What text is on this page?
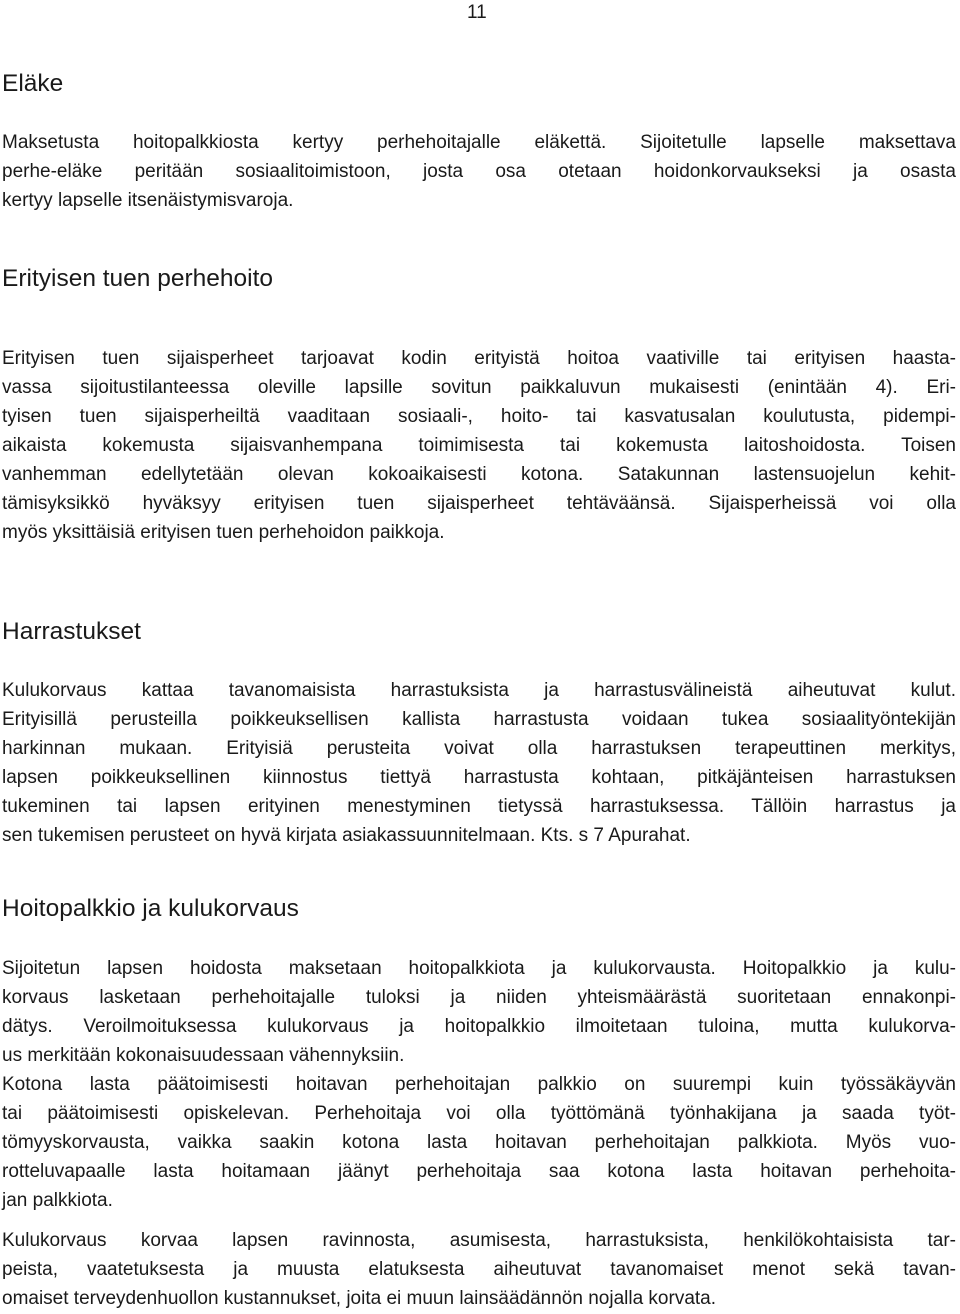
11
Eläke

Maksetusta hoitopalkkiosta kertyy perhehoitajalle eläkettä. Sijoitetulle lapselle maksettava
perhe-eläke peritään sosiaalitoimistoon, josta osa otetaan hoidonkorvaukseksi ja osasta
kertyy lapselle itsenäistymisvaroja.

Erityisen tuen perhehoito

Erityisen tuen sijaisperheet tarjoavat kodin erityistä hoitoa vaativille tai erityisen haasta-
vassa sijoitustilanteessa oleville lapsille sovitun paikkaluvun mukaisesti (enintään 4). Eri-
tyisen tuen sijaisperheiltä vaaditaan sosiaali-, hoito- tai kasvatusalan koulutusta, pidempi-
aikaista kokemusta sijaisvanhempana toimimisesta tai kokemusta laitoshoidosta. Toisen
vanhemman edellytetään olevan kokoaikaisesti kotona. Satakunnan lastensuojelun kehit-
tämisyksikkö hyväksyy erityisen tuen sijaisperheet tehtäväänsä. Sijaisperheissä voi olla
myös yksittäisiä erityisen tuen perhehoidon paikkoja.

Harrastukset

Kulukorvaus kattaa tavanomaisista harrastuksista ja harrastusvälineistä aiheutuvat kulut.
Erityisillä perusteilla poikkeuksellisen kallista harrastusta voidaan tukea sosiaalityöntekijän
harkinnan mukaan. Erityisiä perusteita voivat olla harrastuksen terapeuttinen merkitys,
lapsen poikkeuksellinen kiinnostus tiettyä harrastusta kohtaan, pitkäjänteisen harrastuksen
tukeminen tai lapsen erityinen menestyminen tietyssä harrastuksessa. Tällöin harrastus ja
sen tukemisen perusteet on hyvä kirjata asiakassuunnitelmaan. Kts. s 7 Apurahat.

Hoitopalkkio ja kulukorvaus

Sijoitetun lapsen hoidosta maksetaan hoitopalkkiota ja kulukorvausta. Hoitopalkkio ja kulu-
korvaus lasketaan perhehoitajalle tuloksi ja niiden yhteismäärästä suoritetaan ennakonpi-
dätys. Veroilmoituksessa kulukorvaus ja hoitopalkkio ilmoitetaan tuloina, mutta kulukorva-
us merkitään kokonaisuudessaan vähennyksiin.
Kotona lasta päätoimisesti hoitavan perhehoitajan palkkio on suurempi kuin työssäkäyvän
tai päätoimisesti opiskelevan. Perhehoitaja voi olla työttömänä työnhakijana ja saada työt-
tömyyskorvausta, vaikka saakin kotona lasta hoitavan perhehoitajan palkkiota. Myös vuo-
rotteluvapaalle lasta hoitamaan jäänyt perhehoitaja saa kotona lasta hoitavan perhehoita-
jan palkkiota.

Kulukorvaus korvaa lapsen ravinnosta, asumisesta, harrastuksista, henkilökohtaisista tar-
peista, vaatetuksesta ja muusta elatuksesta aiheutuvat tavanomaiset menot sekä tavan-
omaiset terveydenhuollon kustannukset, joita ei muun lainsäädännön nojalla korvata.
